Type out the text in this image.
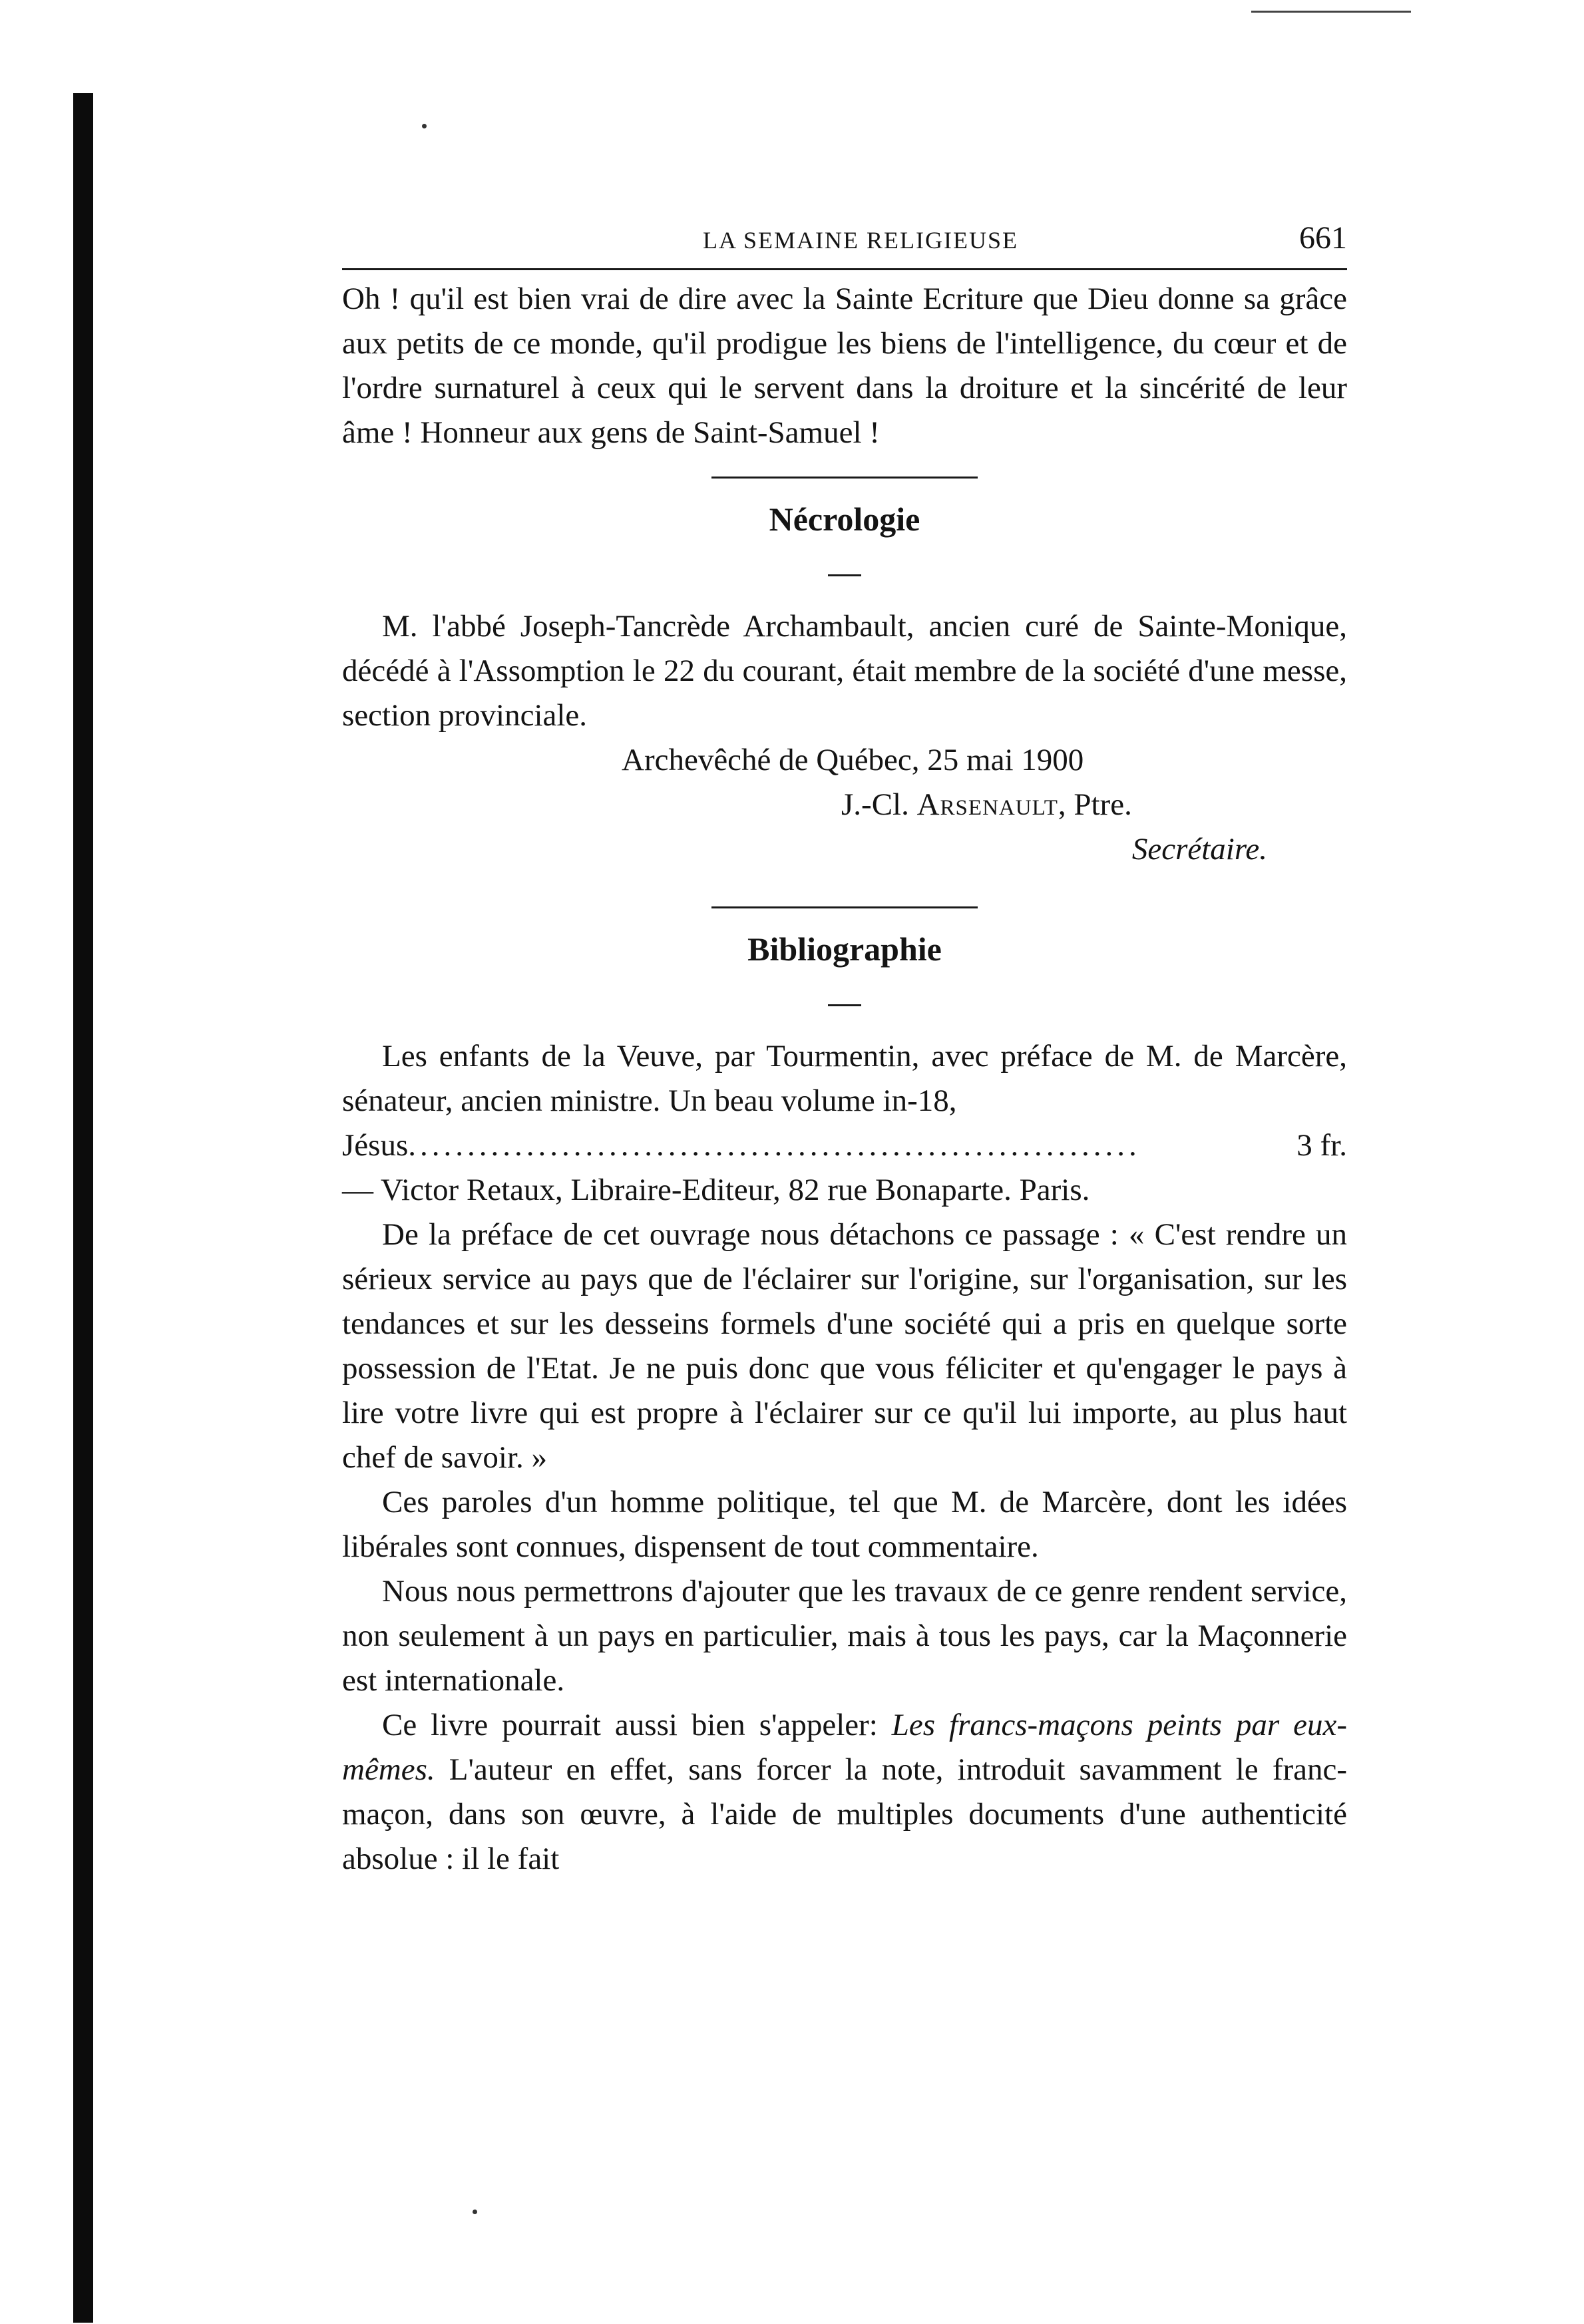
LA SEMAINE RELIGIEUSE	661

Oh ! qu'il est bien vrai de dire avec la Sainte Ecriture que Dieu donne sa grâce aux petits de ce monde, qu'il prodigue les biens de l'intelligence, du cœur et de l'ordre surnaturel à ceux qui le servent dans la droiture et la sincérité de leur âme ! Honneur aux gens de Saint-Samuel !

Nécrologie

M. l'abbé Joseph-Tancrède Archambault, ancien curé de Sainte-Monique, décédé à l'Assomption le 22 du courant, était membre de la société d'une messe, section provinciale.

Archevêché de Québec, 25 mai 1900
J.-Cl. Arsenault, Ptre.
Secrétaire.
Bibliographie

Les enfants de la Veuve, par Tourmentin, avec préface de M. de Marcère, sénateur, ancien ministre. Un beau volume in-18,

Jésus ..............................................................	3 fr.

— Victor Retaux, Libraire-Editeur, 82 rue Bonaparte. Paris.

De la préface de cet ouvrage nous détachons ce passage : « C'est rendre un sérieux service au pays que de l'éclairer sur l'origine, sur l'organisation, sur les tendances et sur les desseins formels d'une société qui a pris en quelque sorte possession de l'Etat. Je ne puis donc que vous féliciter et qu'engager le pays à lire votre livre qui est propre à l'éclairer sur ce qu'il lui importe, au plus haut chef de savoir. »

Ces paroles d'un homme politique, tel que M. de Marcère, dont les idées libérales sont connues, dispensent de tout commentaire.

Nous nous permettrons d'ajouter que les travaux de ce genre rendent service, non seulement à un pays en particulier, mais à tous les pays, car la Maçonnerie est internationale.

Ce livre pourrait aussi bien s'appeler: Les francs-maçons peints par eux-mêmes. L'auteur en effet, sans forcer la note, introduit savamment le franc-maçon, dans son œuvre, à l'aide de multiples documents d'une authenticité absolue : il le fait
